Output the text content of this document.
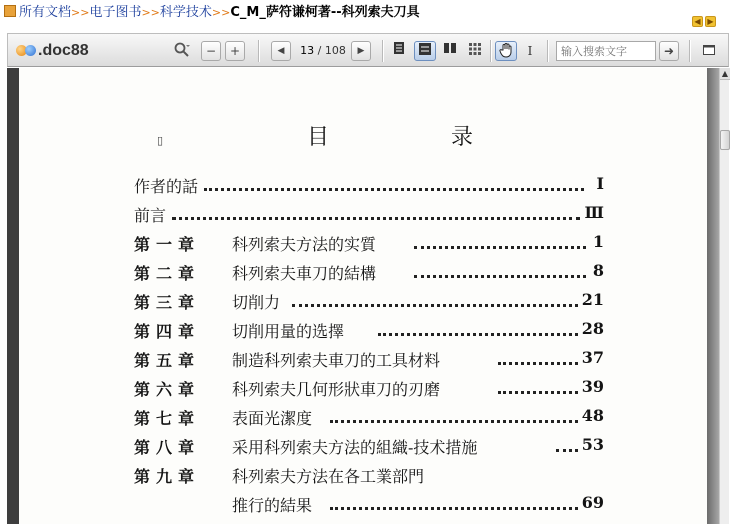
所有文档>>电子图书>>科学技术>>C_M_萨符谦柯著--科列索夫刀具
◀ ▶
.doc88	−	+	◀	13 / 108	▶	I
输入搜索文字	➜
▯	目　录
作者的話	Ⅰ
前言	Ⅲ
第一章 科列索夫方法的实質	1
第二章 科列索夫車刀的結構	8
第三章 切削力	21
第四章 切削用量的选擇	28
第五章 制造科列索夫車刀的工具材料	37
第六章 科列索夫几何形狀車刀的刃磨	39
第七章 表面光潔度	48
第八章 采用科列索夫方法的組織-技术措施	53
第九章 科列索夫方法在各工業部門
推行的結果	69
▲
